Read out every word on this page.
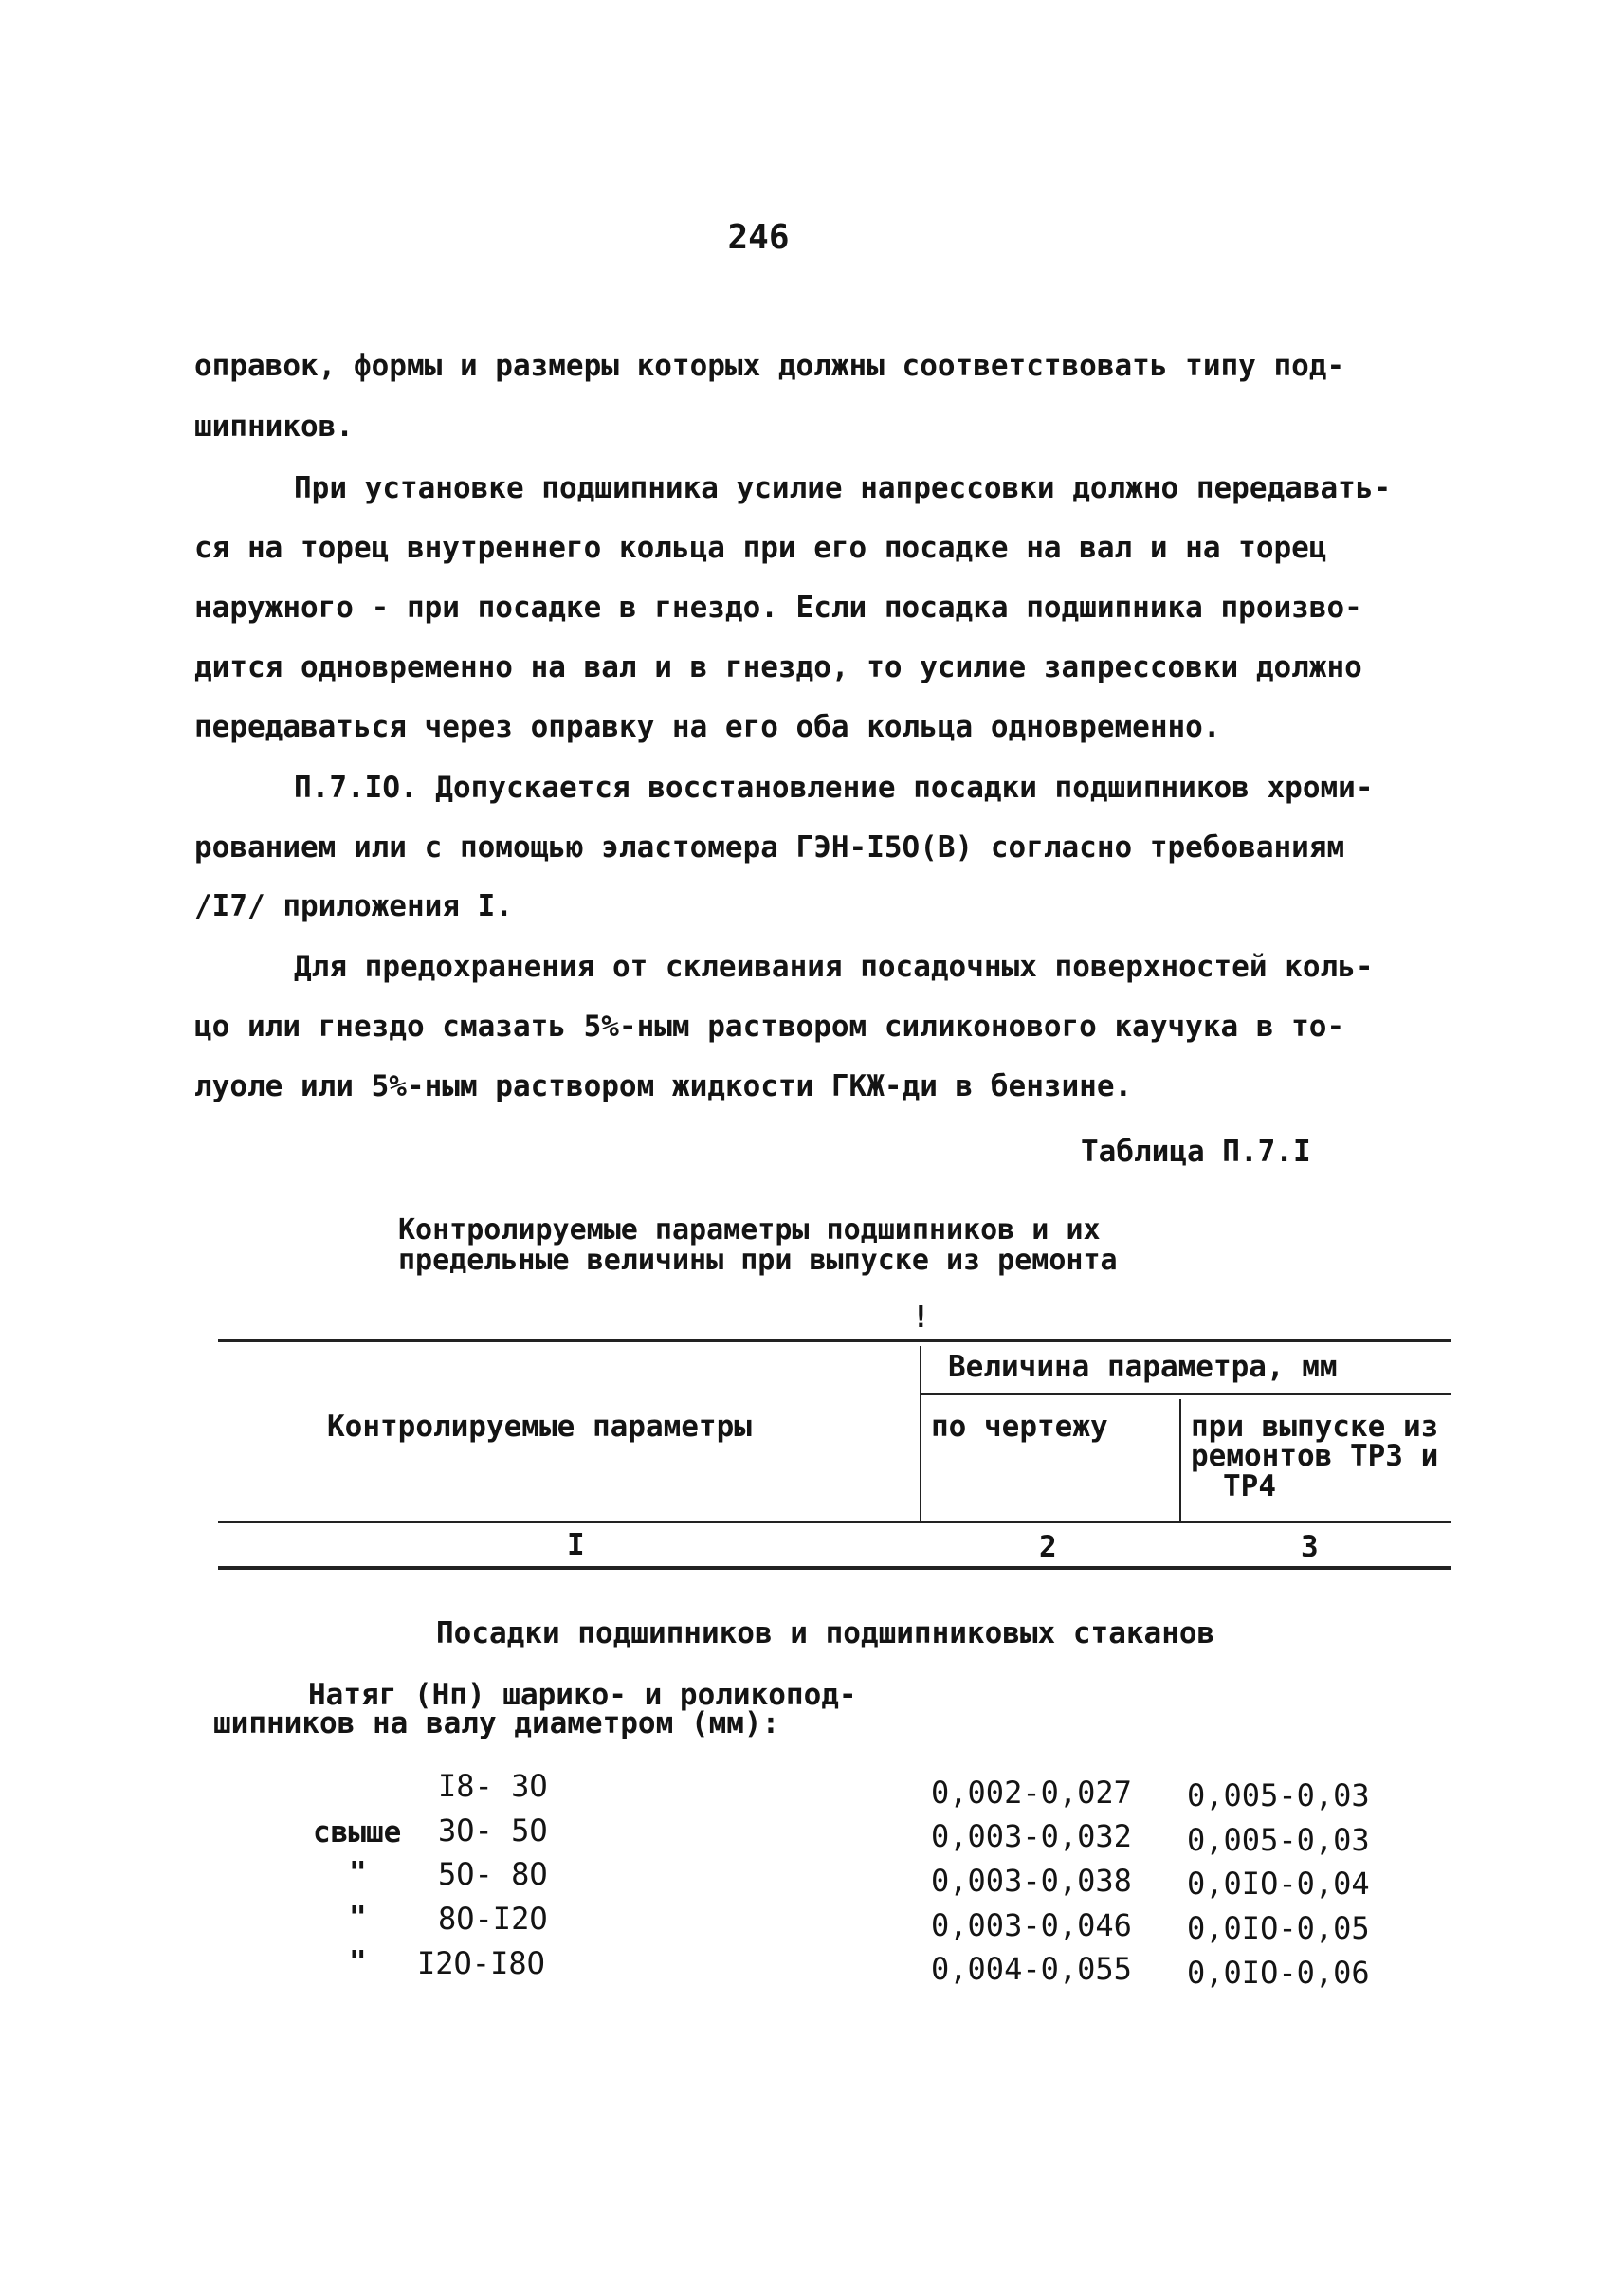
246
оправок, формы и размеры которых должны соответствовать типу под-
шипников.
При установке подшипника усилие напрессовки должно передавать-
ся на торец внутреннего кольца при его посадке на вал и на торец
наружного - при посадке в гнездо. Если посадка подшипника произво-
дится одновременно на вал и в гнездо, то усилие запрессовки должно
передаваться через оправку на его оба кольца одновременно.
П.7.IO. Допускается восстановление посадки подшипников хроми-
рованием или с помощью эластомера ГЭН-I5O(B) согласно требованиям
/I7/ приложения I.
Для предохранения от склеивания посадочных поверхностей коль-
цо или гнездо смазать 5%-ным раствором силиконового каучука в то-
луоле или 5%-ным раствором жидкости ГКЖ-ди в бензине.
Таблица П.7.I
Контролируемые параметры подшипников и их
предельные величины при выпуске из ремонта
!
Контролируемые параметры
Величина параметра, мм
по чертежу	при выпуске из
ремонтов ТР3 и
ТР4
I	2	3
Посадки подшипников и подшипниковых стаканов
Натяг (Нп) шарико- и роликопод-
шипников на валу диаметром (мм):
I8- 3O	0,002-0,027 0,005-0,03
свыше 3O- 5O	0,003-0,032 0,005-0,03
" 5O- 8O	0,003-0,038 0,0IO-0,04
" 8O-I2O	0,003-0,046 0,0IO-0,05
" I2O-I8O	0,004-0,055 0,0IO-0,06
